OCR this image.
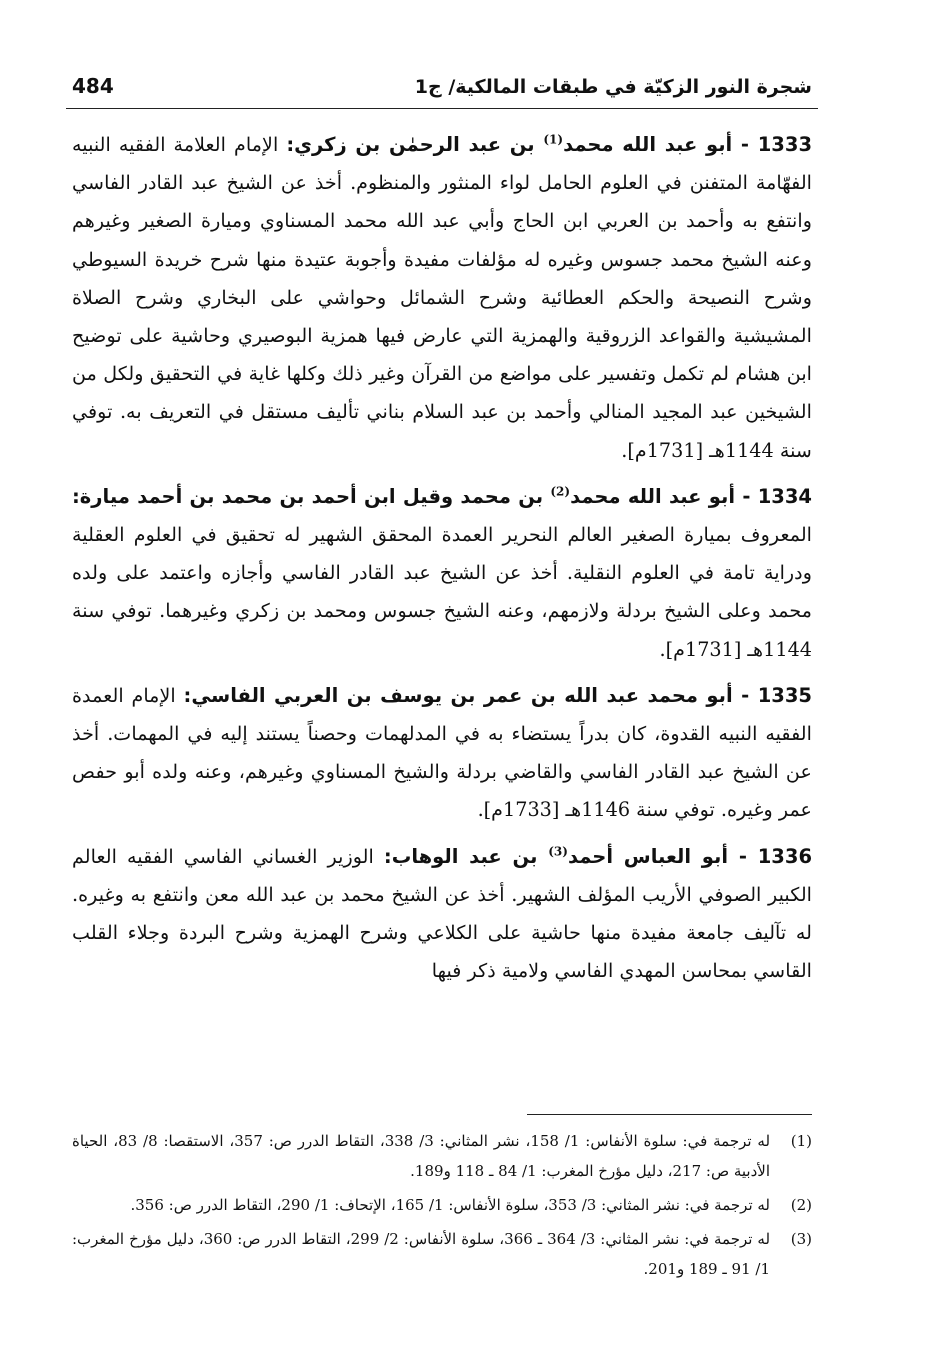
شجرة النور الزكيّة في طبقات المالكية/ ج1
484

1333 - أبو عبد الله محمد$^{(1)}$ بن عبد الرحمٰن بن زكري: الإمام العلامة الفقيه النبيه الفهّامة المتفنن في العلوم الحامل لواء المنثور والمنظوم. أخذ عن الشيخ عبد القادر الفاسي وانتفع به وأحمد بن العربي ابن الحاج وأبي عبد الله محمد المسناوي وميارة الصغير وغيرهم وعنه الشيخ محمد جسوس وغيره له مؤلفات مفيدة وأجوبة عتيدة منها شرح خريدة السيوطي وشرح النصيحة والحكم العطائية وشرح الشمائل وحواشي على البخاري وشرح الصلاة المشيشية والقواعد الزروقية والهمزية التي عارض فيها همزية البوصيري وحاشية على توضيح ابن هشام لم تكمل وتفسير على مواضع من القرآن وغير ذلك وكلها غاية في التحقيق ولكل من الشيخين عبد المجيد المنالي وأحمد بن عبد السلام بناني تأليف مستقل في التعريف به. توفي سنة 1144هـ [1731م].

1334 - أبو عبد الله محمد$^{(2)}$ بن محمد وقيل ابن أحمد بن محمد بن أحمد ميارة: المعروف بميارة الصغير العالم النحرير العمدة المحقق الشهير له تحقيق في العلوم العقلية ودراية تامة في العلوم النقلية. أخذ عن الشيخ عبد القادر الفاسي وأجازه واعتمد على ولده محمد وعلى الشيخ بردلة ولازمهم، وعنه الشيخ جسوس ومحمد بن زكري وغيرهما. توفي سنة 1144هـ [1731م].

1335 - أبو محمد عبد الله بن عمر بن يوسف بن العربي الفاسي: الإمام العمدة الفقيه النبيه القدوة، كان بدراً يستضاء به في المدلهمات وحصناً يستند إليه في المهمات. أخذ عن الشيخ عبد القادر الفاسي والقاضي بردلة والشيخ المسناوي وغيرهم، وعنه ولده أبو حفص عمر وغيره. توفي سنة 1146هـ [1733م].

1336 - أبو العباس أحمد$^{(3)}$ بن عبد الوهاب: الوزير الغساني الفاسي الفقيه العالم الكبير الصوفي الأريب المؤلف الشهير. أخذ عن الشيخ محمد بن عبد الله معن وانتفع به وغيره. له تآليف جامعة مفيدة منها حاشية على الكلاعي وشرح الهمزية وشرح البردة وجلاء القلب القاسي بمحاسن المهدي الفاسي ولامية ذكر فيها

(1)
له ترجمة في: سلوة الأنفاس: 1/ 158، نشر المثاني: 3/ 338، التقاط الدرر ص: 357، الاستقصا: 8/ 83، الحياة الأدبية ص: 217، دليل مؤرخ المغرب: 1/ 84 ـ 118 و189.
(2)
له ترجمة في: نشر المثاني: 3/ 353، سلوة الأنفاس: 1/ 165، الإتحاف: 1/ 290، التقاط الدرر ص: 356.
(3)
له ترجمة في: نشر المثاني: 3/ 364 ـ 366، سلوة الأنفاس: 2/ 299، التقاط الدرر ص: 360، دليل مؤرخ المغرب: 1/ 91 ـ 189 و201.
